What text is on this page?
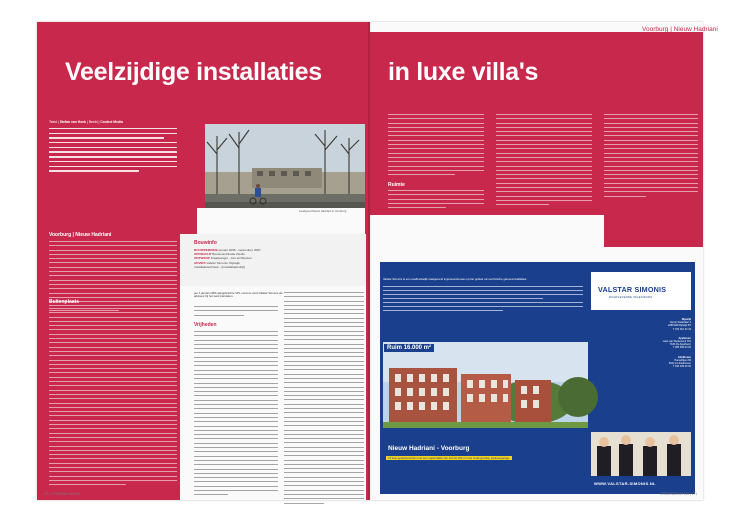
Veelzijdige installaties
Tekst | Stefan van Hoek | Beeld | Control Media
Landgoed Nieuw Hadriani in Voorburg
Voorburg | Nieuw Hadriani
Buitenplaats
Bouwinfo
BOUWPERIODE januari 2006 - september 2007
OPDRACHT Bouwcombinatie Zwolle
ONTWERP Kraaijvanger - Jan architecten
ADVIES Valstar Simonis, Rijswijk
Installatietechniek - (Installatiebedrijf)
per 1 januari 2006 aangebrachte VPL nummer werd Valstar Simonis als adviseur bij het werk betrokken.
Vrijheden
170 | STEDENBOUW 616
Voorburg | Nieuw Hadriani
in luxe villa's
Ruimte
Valstar Simonis is een onafhankelijk raadgevend ingenieursbureau op het gebied van technische gebouwinstallaties.
VALSTAR SIMONIS
RAADGEVENDE INGENIEURS
Rijswijk
Verrijn Stuartlaan 4
2288 EM Rijswijk ZH
T 070 361 32 32
Apeldoorn
Laan van Westenenk 701
7334 DL Apeldoorn
T 055 538 00 00
Eindhoven
Hemelrijken 66
5612 LG Eindhoven
T 040 239 00 00
Ruim 16.000 m²
Nieuw Hadriani - Voorburg
74 luxe appartementen met een oppervlakte van 110 tot 200 m² met ondergrondse parkeergarage.
WWW.VALSTAR-SIMONIS.NL
STEDENBOUW 616 | 171
